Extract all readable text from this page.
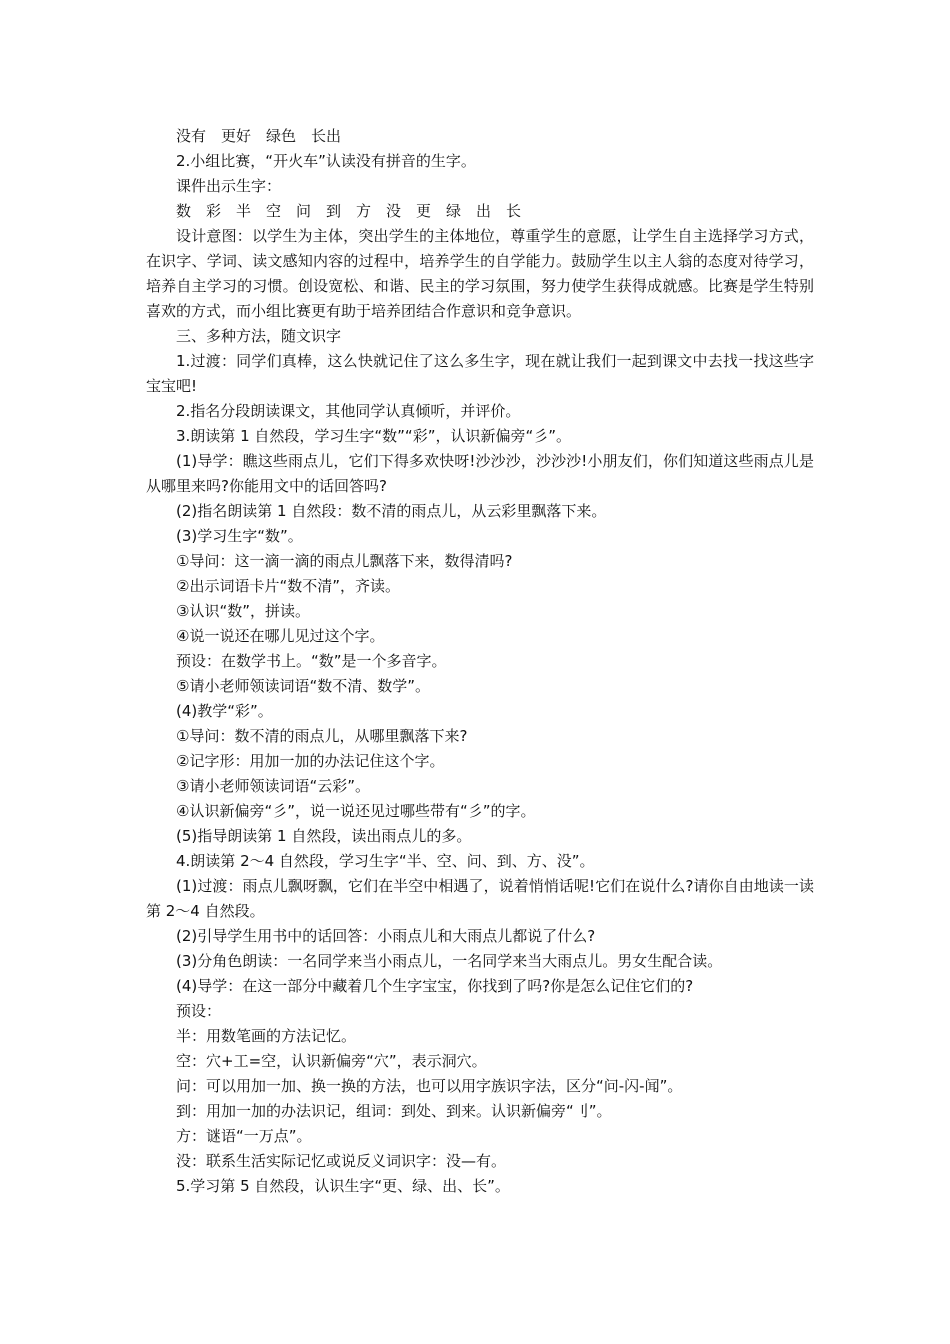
没有　更好　绿色　长出
2.小组比赛，“开火车”认读没有拼音的生字。
课件出示生字：
数　彩　半　空　问　到　方　没　更　绿　出　长
设计意图：以学生为主体，突出学生的主体地位，尊重学生的意愿，让学生自主选择学习方式，在识字、学词、读文感知内容的过程中，培养学生的自学能力。鼓励学生以主人翁的态度对待学习，培养自主学习的习惯。创设宽松、和谐、民主的学习氛围，努力使学生获得成就感。比赛是学生特别喜欢的方式，而小组比赛更有助于培养团结合作意识和竞争意识。
三、多种方法，随文识字
1.过渡：同学们真棒，这么快就记住了这么多生字，现在就让我们一起到课文中去找一找这些字宝宝吧!
2.指名分段朗读课文，其他同学认真倾听，并评价。
3.朗读第 1 自然段，学习生字“数”“彩”，认识新偏旁“彡”。
(1)导学：瞧这些雨点儿，它们下得多欢快呀!沙沙沙，沙沙沙!小朋友们，你们知道这些雨点儿是从哪里来吗?你能用文中的话回答吗?
(2)指名朗读第 1 自然段：数不清的雨点儿，从云彩里飘落下来。
(3)学习生字“数”。
①导问：这一滴一滴的雨点儿飘落下来，数得清吗?
②出示词语卡片“数不清”，齐读。
③认识“数”，拼读。
④说一说还在哪儿见过这个字。
预设：在数学书上。“数”是一个多音字。
⑤请小老师领读词语“数不清、数学”。
(4)教学“彩”。
①导问：数不清的雨点儿，从哪里飘落下来?
②记字形：用加一加的办法记住这个字。
③请小老师领读词语“云彩”。
④认识新偏旁“彡”，说一说还见过哪些带有“彡”的字。
(5)指导朗读第 1 自然段，读出雨点儿的多。
4.朗读第 2～4 自然段，学习生字“半、空、问、到、方、没”。
(1)过渡：雨点儿飘呀飘，它们在半空中相遇了，说着悄悄话呢!它们在说什么?请你自由地读一读第 2～4 自然段。
(2)引导学生用书中的话回答：小雨点儿和大雨点儿都说了什么?
(3)分角色朗读：一名同学来当小雨点儿，一名同学来当大雨点儿。男女生配合读。
(4)导学：在这一部分中藏着几个生字宝宝，你找到了吗?你是怎么记住它们的?
预设：
半：用数笔画的方法记忆。
空：穴+工=空，认识新偏旁“穴”，表示洞穴。
问：可以用加一加、换一换的方法，也可以用字族识字法，区分“问-闪-闻”。
到：用加一加的办法识记，组词：到处、到来。认识新偏旁“刂”。
方：谜语“一万点”。
没：联系生活实际记忆或说反义词识字：没—有。
5.学习第 5 自然段，认识生字“更、绿、出、长”。
